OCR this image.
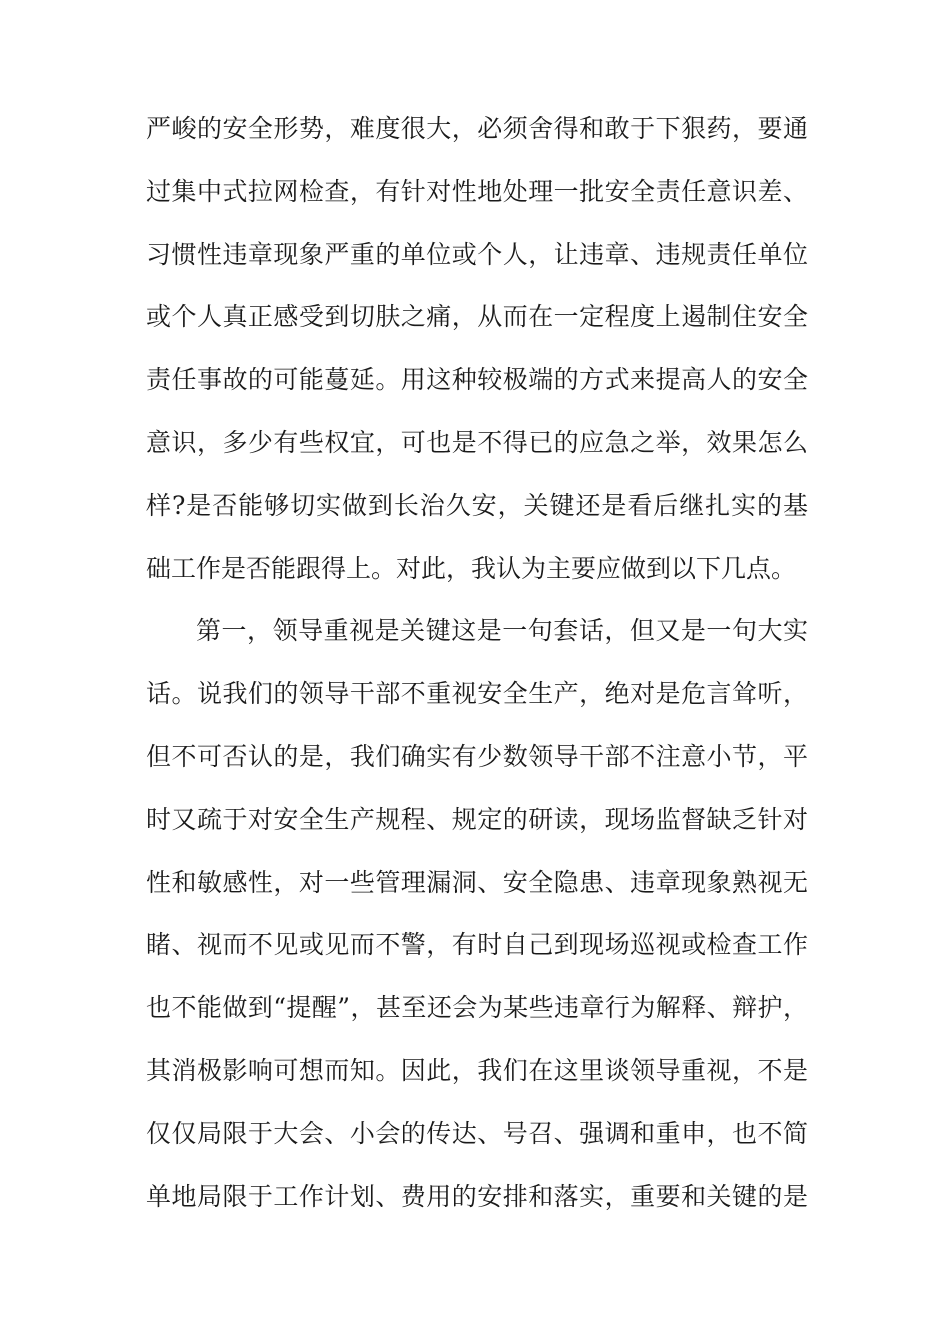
严峻的安全形势，难度很大，必须舍得和敢于下狠药，要通
过集中式拉网检查，有针对性地处理一批安全责任意识差、
习惯性违章现象严重的单位或个人，让违章、违规责任单位
或个人真正感受到切肤之痛，从而在一定程度上遏制住安全
责任事故的可能蔓延。用这种较极端的方式来提高人的安全
意识，多少有些权宜，可也是不得已的应急之举，效果怎么
样?是否能够切实做到长治久安，关键还是看后继扎实的基
础工作是否能跟得上。对此，我认为主要应做到以下几点。
第一，领导重视是关键这是一句套话，但又是一句大实
话。说我们的领导干部不重视安全生产，绝对是危言耸听，
但不可否认的是，我们确实有少数领导干部不注意小节，平
时又疏于对安全生产规程、规定的研读，现场监督缺乏针对
性和敏感性，对一些管理漏洞、安全隐患、违章现象熟视无
睹、视而不见或见而不警，有时自己到现场巡视或检查工作
也不能做到“提醒”，甚至还会为某些违章行为解释、辩护，
其消极影响可想而知。因此，我们在这里谈领导重视，不是
仅仅局限于大会、小会的传达、号召、强调和重申，也不简
单地局限于工作计划、费用的安排和落实，重要和关键的是
